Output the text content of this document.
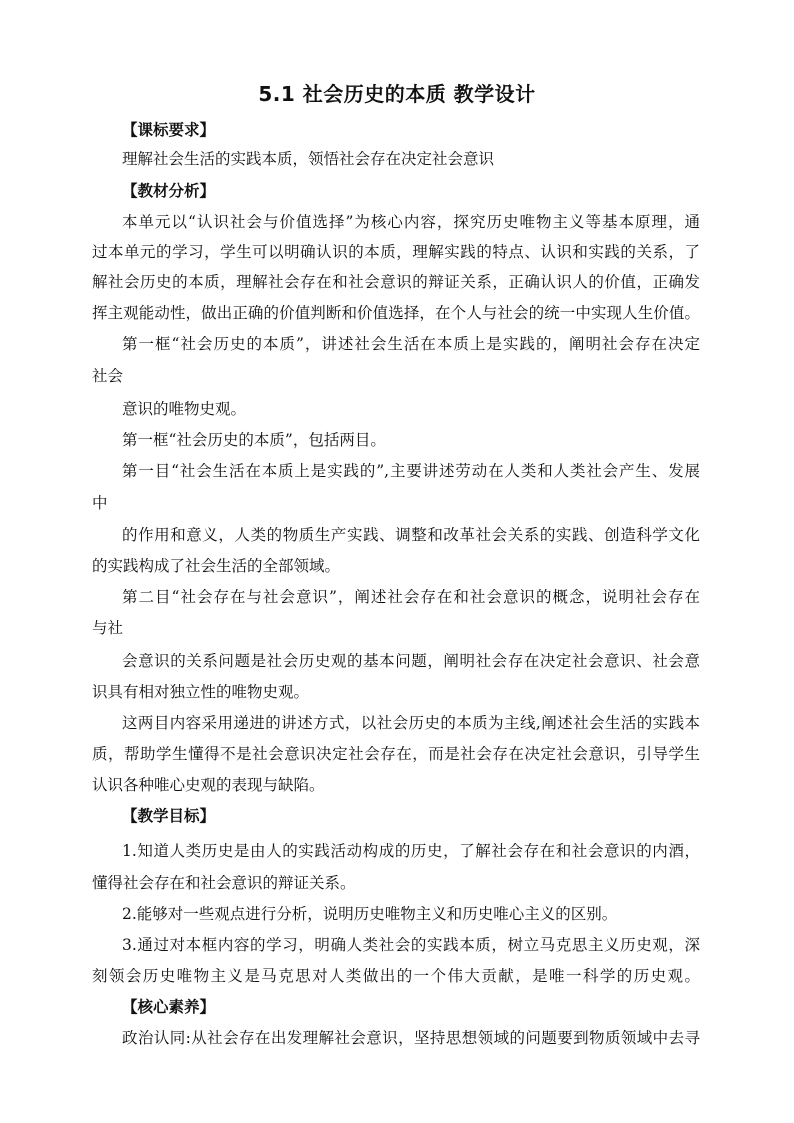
5.1 社会历史的本质 教学设计
【课标要求】
理解社会生活的实践本质，领悟社会存在决定社会意识
【教材分析】
本单元以“认识社会与价值选择”为核心内容，探究历史唯物主义等基本原理，通
过本单元的学习，学生可以明确认识的本质，理解实践的特点、认识和实践的关系，了
解社会历史的本质，理解社会存在和社会意识的辩证关系，正确认识人的价值，正确发
挥主观能动性，做出正确的价值判断和价值选择，在个人与社会的统一中实现人生价值。
第一框“社会历史的本质”，讲述社会生活在本质上是实践的，阐明社会存在决定
社会
意识的唯物史观。
第一框“社会历史的本质”，包括两目。
第一目“社会生活在本质上是实践的”,主要讲述劳动在人类和人类社会产生、发展
中
的作用和意义，人类的物质生产实践、调整和改革社会关系的实践、创造科学文化
的实践构成了社会生活的全部领域。
第二目“社会存在与社会意识”，阐述社会存在和社会意识的概念，说明社会存在
与社
会意识的关系问题是社会历史观的基本问题，阐明社会存在决定社会意识、社会意
识具有相对独立性的唯物史观。
这两目内容采用递进的讲述方式，以社会历史的本质为主线,阐述社会生活的实践本
质，帮助学生懂得不是社会意识决定社会存在，而是社会存在决定社会意识，引导学生
认识各种唯心史观的表现与缺陷。
【教学目标】
1.知道人类历史是由人的实践活动构成的历史，了解社会存在和社会意识的内酒，
懂得社会存在和社会意识的辩证关系。
2.能够对一些观点进行分析，说明历史唯物主义和历史唯心主义的区别。
3.通过对本框内容的学习，明确人类社会的实践本质，树立马克思主义历史观，深
刻领会历史唯物主义是马克思对人类做出的一个伟大贡献，是唯一科学的历史观。
【核心素养】
政治认同:从社会存在出发理解社会意识，坚持思想领域的问题要到物质领域中去寻
